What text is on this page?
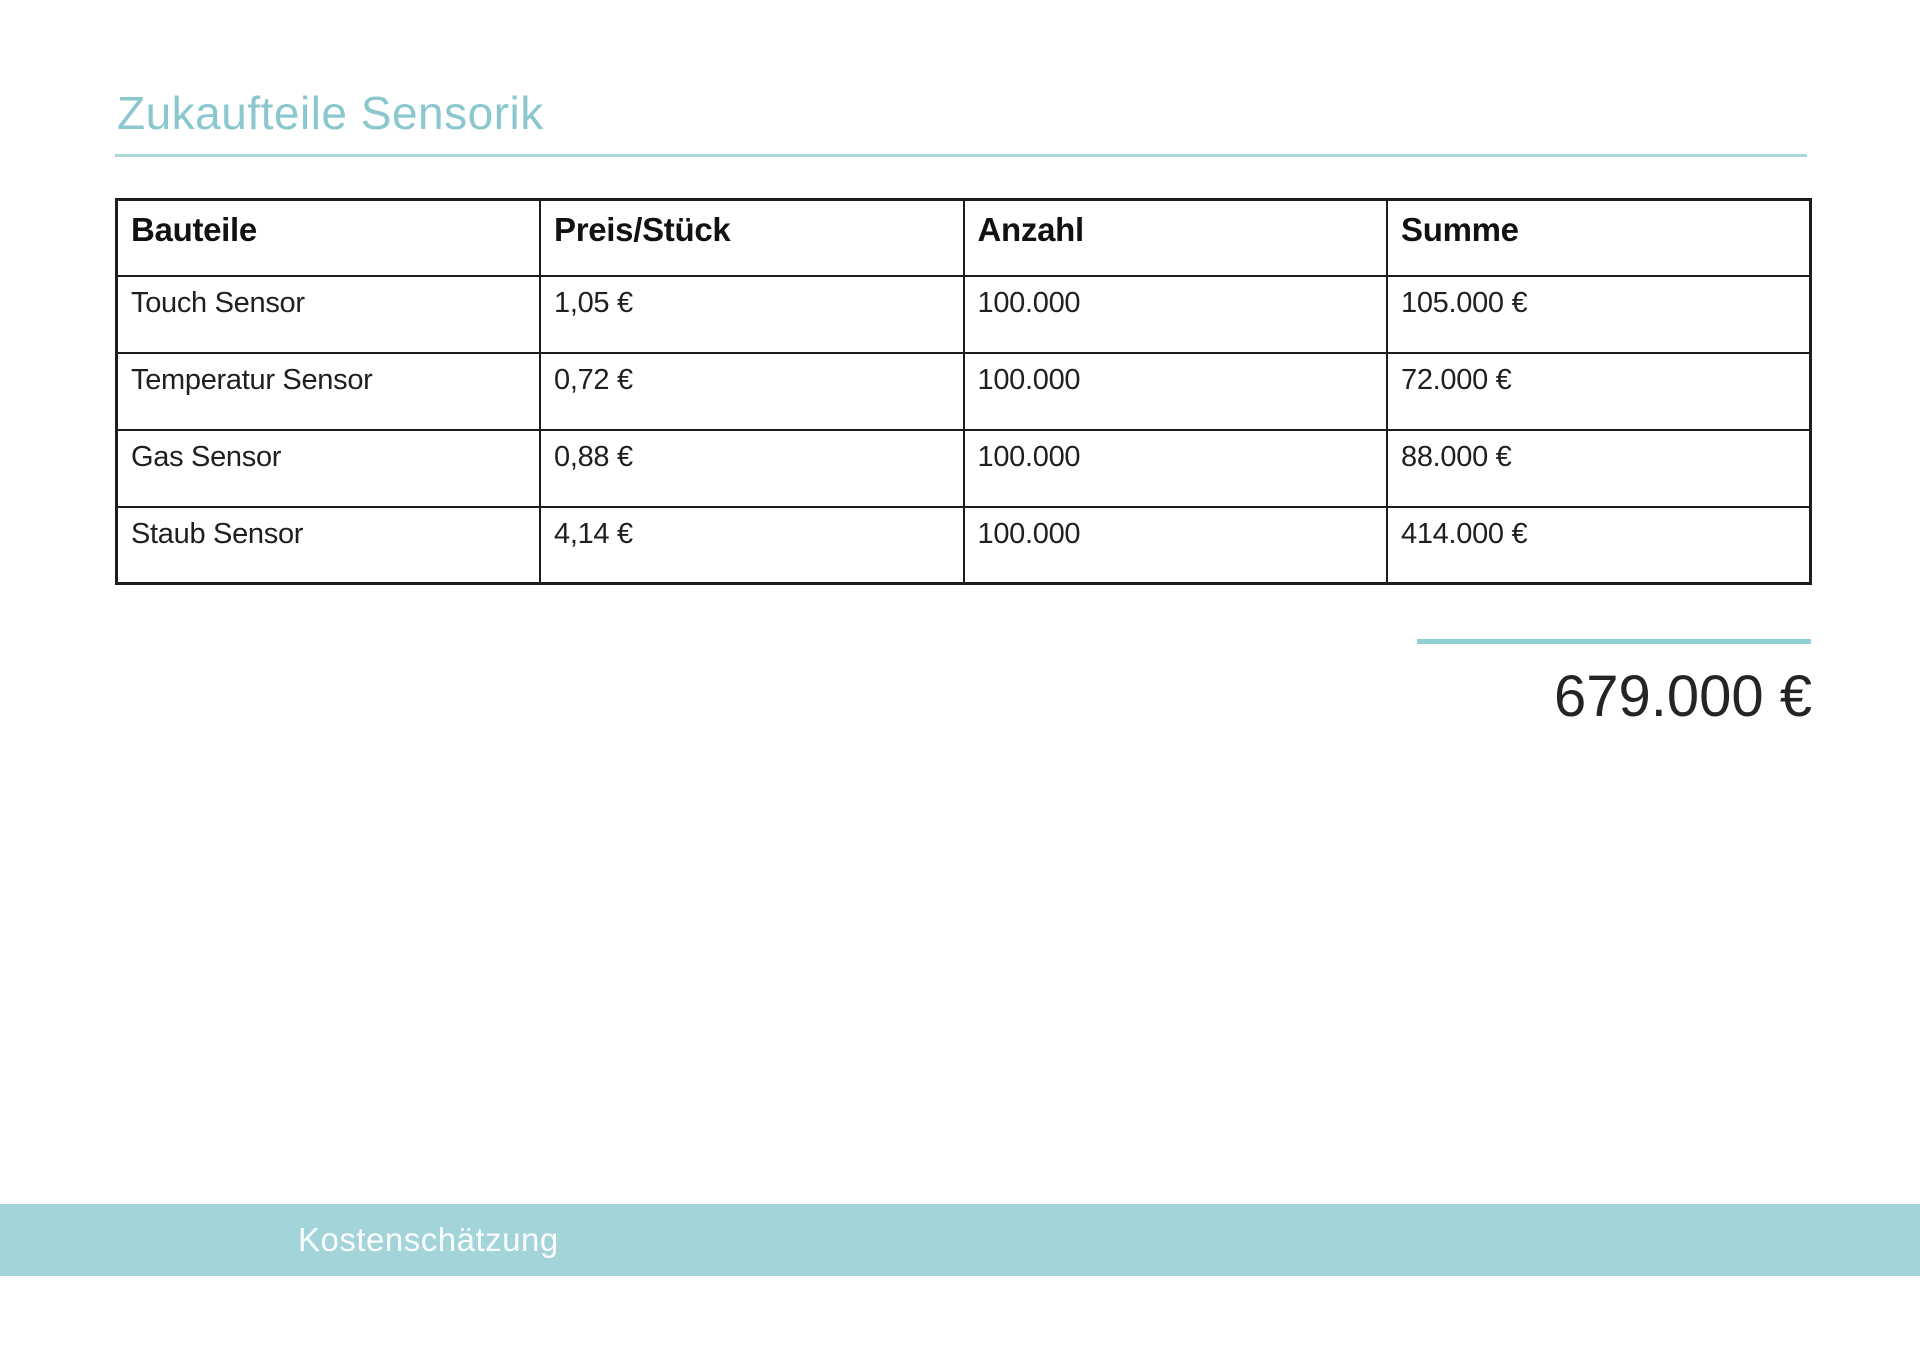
Zukaufteile Sensorik
Bauteile	Preis/Stück	Anzahl	Summe
Touch Sensor	1,05 €	100.000	105.000 €
Temperatur Sensor	0,72 €	100.000	72.000 €
Gas Sensor	0,88 €	100.000	88.000 €
Staub Sensor	4,14 €	100.000	414.000 €
679.000 €
Kostenschätzung
